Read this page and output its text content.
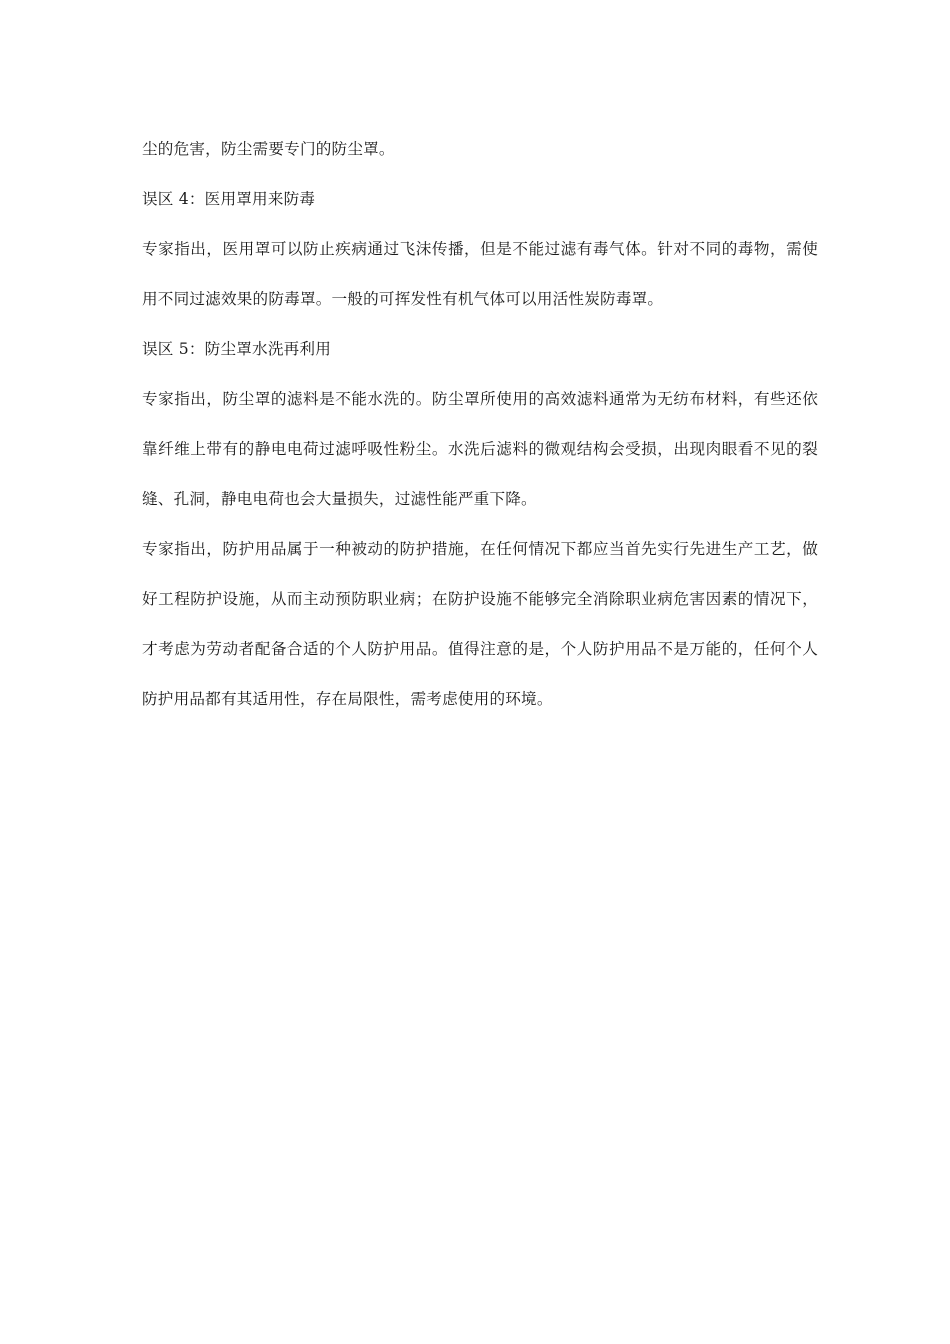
尘的危害，防尘需要专门的防尘罩。

误区 4：医用罩用来防毒

专家指出，医用罩可以防止疾病通过飞沫传播，但是不能过滤有毒气体。针对不同的毒物，需使用不同过滤效果的防毒罩。一般的可挥发性有机气体可以用活性炭防毒罩。

误区 5：防尘罩水洗再利用

专家指出，防尘罩的滤料是不能水洗的。防尘罩所使用的高效滤料通常为无纺布材料，有些还依靠纤维上带有的静电电荷过滤呼吸性粉尘。水洗后滤料的微观结构会受损，出现肉眼看不见的裂缝、孔洞，静电电荷也会大量损失，过滤性能严重下降。

专家指出，防护用品属于一种被动的防护措施，在任何情况下都应当首先实行先进生产工艺，做好工程防护设施，从而主动预防职业病；在防护设施不能够完全消除职业病危害因素的情况下，才考虑为劳动者配备合适的个人防护用品。值得注意的是，个人防护用品不是万能的，任何个人防护用品都有其适用性，存在局限性，需考虑使用的环境。
